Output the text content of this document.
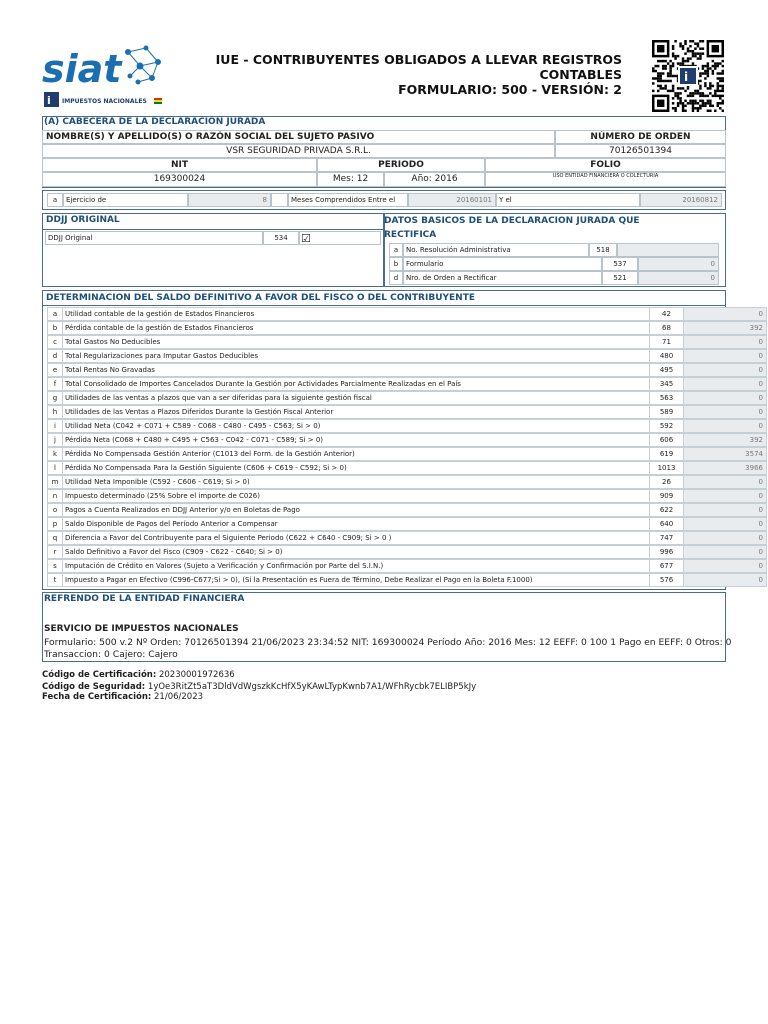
siat
i IMPUESTOS NACIONALES
IUE - CONTRIBUYENTES OBLIGADOS A LLEVAR REGISTROS
CONTABLES
FORMULARIO: 500 - VERSIÓN: 2
i
(A) CABECERA DE LA DECLARACION JURADA
NOMBRE(S) Y APELLIDO(S) O RAZÓN SOCIAL DEL SUJETO PASIVO	NÚMERO DE ORDEN
VSR SEGURIDAD PRIVADA S.R.L.	70126501394
NIT	PERIODO	FOLIO
169300024	Mes: 12	Año: 2016	USO ENTIDAD FINANCIERA O COLECTURIA
a	Ejercicio de	8	Meses Comprendidos Entre el	20160101	Y el	20160812
DDJJ ORIGINAL
DDJJ Original	534	☑
DATOS BASICOS DE LA DECLARACION JURADA QUE
RECTIFICA
a	No. Resolución Administrativa	518
b	Formulario	537	0
d	Nro. de Orden a Rectificar	521	0
DETERMINACION DEL SALDO DEFINITIVO A FAVOR DEL FISCO O DEL CONTRIBUYENTE
a	Utilidad contable de la gestión de Estados Financieros	42	0
b	Pérdida contable de la gestión de Estados Financieros	68	392
c	Total Gastos No Deducibles	71	0
d	Total Regularizaciones para Imputar Gastos Deducibles	480	0
e	Total Rentas No Gravadas	495	0
f	Total Consolidado de Importes Cancelados Durante la Gestión por Actividades Parcialmente Realizadas en el País	345	0
g	Utilidades de las ventas a plazos que van a ser diferidas para la siguiente gestión fiscal	563	0
h	Utilidades de las Ventas a Plazos Diferidos Durante la Gestión Fiscal Anterior	589	0
i	Utilidad Neta (C042 + C071 + C589 - C068 - C480 - C495 - C563; Si > 0)	592	0
j	Pérdida Neta (C068 + C480 + C495 + C563 - C042 - C071 - C589; Si > 0)	606	392
k	Pérdida No Compensada Gestión Anterior (C1013 del Form. de la Gestión Anterior)	619	3574
l	Pérdida No Compensada Para la Gestión Siguiente (C606 + C619 - C592; Si > 0)	1013	3966
m Utilidad Neta Imponible (C592 - C606 - C619; Si > 0)	26	0
n	Impuesto determinado (25% Sobre el importe de C026)	909	0
o	Pagos a Cuenta Realizados en DDJJ Anterior y/o en Boletas de Pago	622	0
p	Saldo Disponible de Pagos del Período Anterior a Compensar	640	0
q	Diferencia a Favor del Contribuyente para el Siguiente Periodo (C622 + C640 - C909; Si > 0 )	747	0
r	Saldo Definitivo a Favor del Fisco (C909 - C622 - C640; Si > 0)	996	0
s	Imputación de Crédito en Valores (Sujeto a Verificación y Confirmación por Parte del S.I.N.)	677	0
t	Impuesto a Pagar en Efectivo (C996-C677;Si > 0), (Si la Presentación es Fuera de Término, Debe Realizar el Pago en la Boleta F.1000)	576	0
REFRENDO DE LA ENTIDAD FINANCIERA
SERVICIO DE IMPUESTOS NACIONALES
Formulario: 500 v.2 Nº Orden: 70126501394 21/06/2023 23:34:52 NIT: 169300024 Período Año: 2016 Mes: 12 EEFF: 0 100 1 Pago en EEFF: 0 Otros: 0
Transaccion: 0 Cajero: Cajero
Código de Certificación: 20230001972636
Código de Seguridad: 1yOe3RitZt5aT3DldVdWgszkKcHfX5yKAwLTypKwnb7A1/WFhRycbk7ELIBP5kJy
Fecha de Certificación: 21/06/2023
